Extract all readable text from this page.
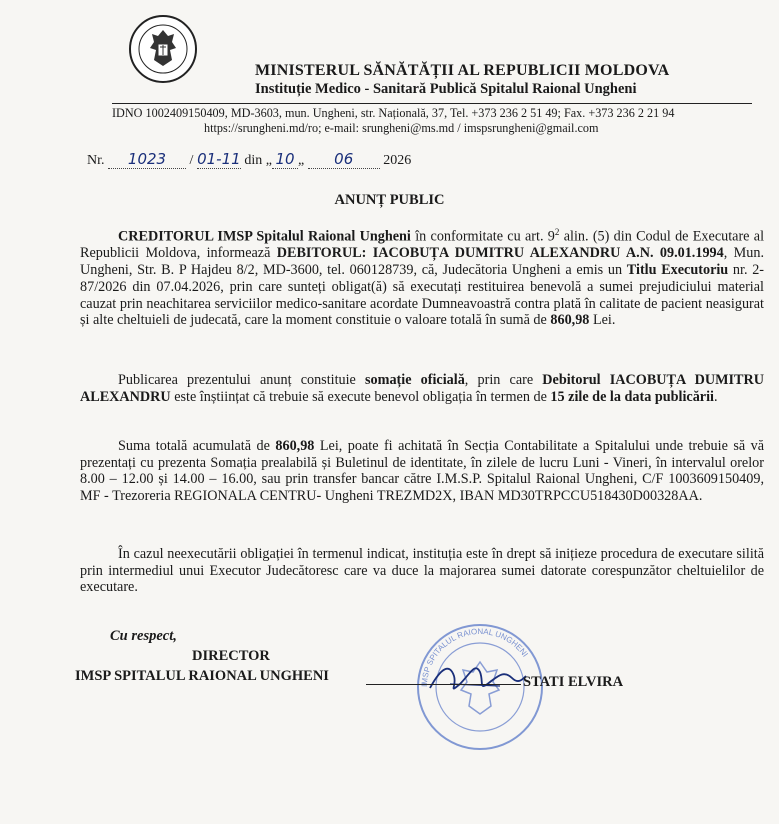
MINISTERUL SĂNĂTĂȚII AL REPUBLICII MOLDOVA
Instituție Medico - Sanitară Publică Spitalul Raional Ungheni
IDNO 1002409150409, MD-3603, mun. Ungheni, str. Națională, 37, Tel. +373 236 2 51 49; Fax. +373 236 2 21 94
https://srungheni.md/ro; e-mail: srungheni@ms.md / imspsrungheni@gmail.com
Nr. 1023 / 01-11 din „ 10 „ 06 2026
ANUNȚ PUBLIC
CREDITORUL IMSP Spitalul Raional Ungheni în conformitate cu art. $9^2$ alin. (5) din Codul de Executare al Republicii Moldova, informează DEBITORUL: IACOBUȚA DUMITRU ALEXANDRU A.N. 09.01.1994, Mun. Ungheni, Str. B. P Hajdeu 8/2, MD-3600, tel. 060128739, că, Judecătoria Ungheni a emis un Titlu Executoriu nr. 2-87/2026 din 07.04.2026, prin care sunteți obligat(ă) să executați restituirea benevolă a sumei prejudiciului material cauzat prin neachitarea serviciilor medico-sanitare acordate Dumneavoastră contra plată în calitate de pacient neasigurat și alte cheltuieli de judecată, care la moment constituie o valoare totală în sumă de 860,98 Lei.
Publicarea prezentului anunț constituie somație oficială, prin care Debitorul IACOBUȚA DUMITRU ALEXANDRU este înștiințat că trebuie să execute benevol obligația în termen de 15 zile de la data publicării.
Suma totală acumulată de 860,98 Lei, poate fi achitată în Secția Contabilitate a Spitalului unde trebuie să vă prezentați cu prezenta Somația prealabilă și Buletinul de identitate, în zilele de lucru Luni - Vineri, în intervalul orelor 8.00 – 12.00 și 14.00 – 16.00, sau prin transfer bancar către I.M.S.P. Spitalul Raional Ungheni, C/F 1003609150409, MF - Trezoreria REGIONALA CENTRU- Ungheni TREZMD2X, IBAN MD30TRPCCU518430D00328AA.
În cazul neexecutării obligației în termenul indicat, instituția este în drept să inițieze procedura de executare silită prin intermediul unui Executor Judecătoresc care va duce la majorarea sumei datorate corespunzător cheltuielilor de executare.
IMSP SPITALUL RAIONAL UNGHENI
Cu respect,
DIRECTOR
IMSP SPITALUL RAIONAL UNGHENI	STATI ELVIRA
